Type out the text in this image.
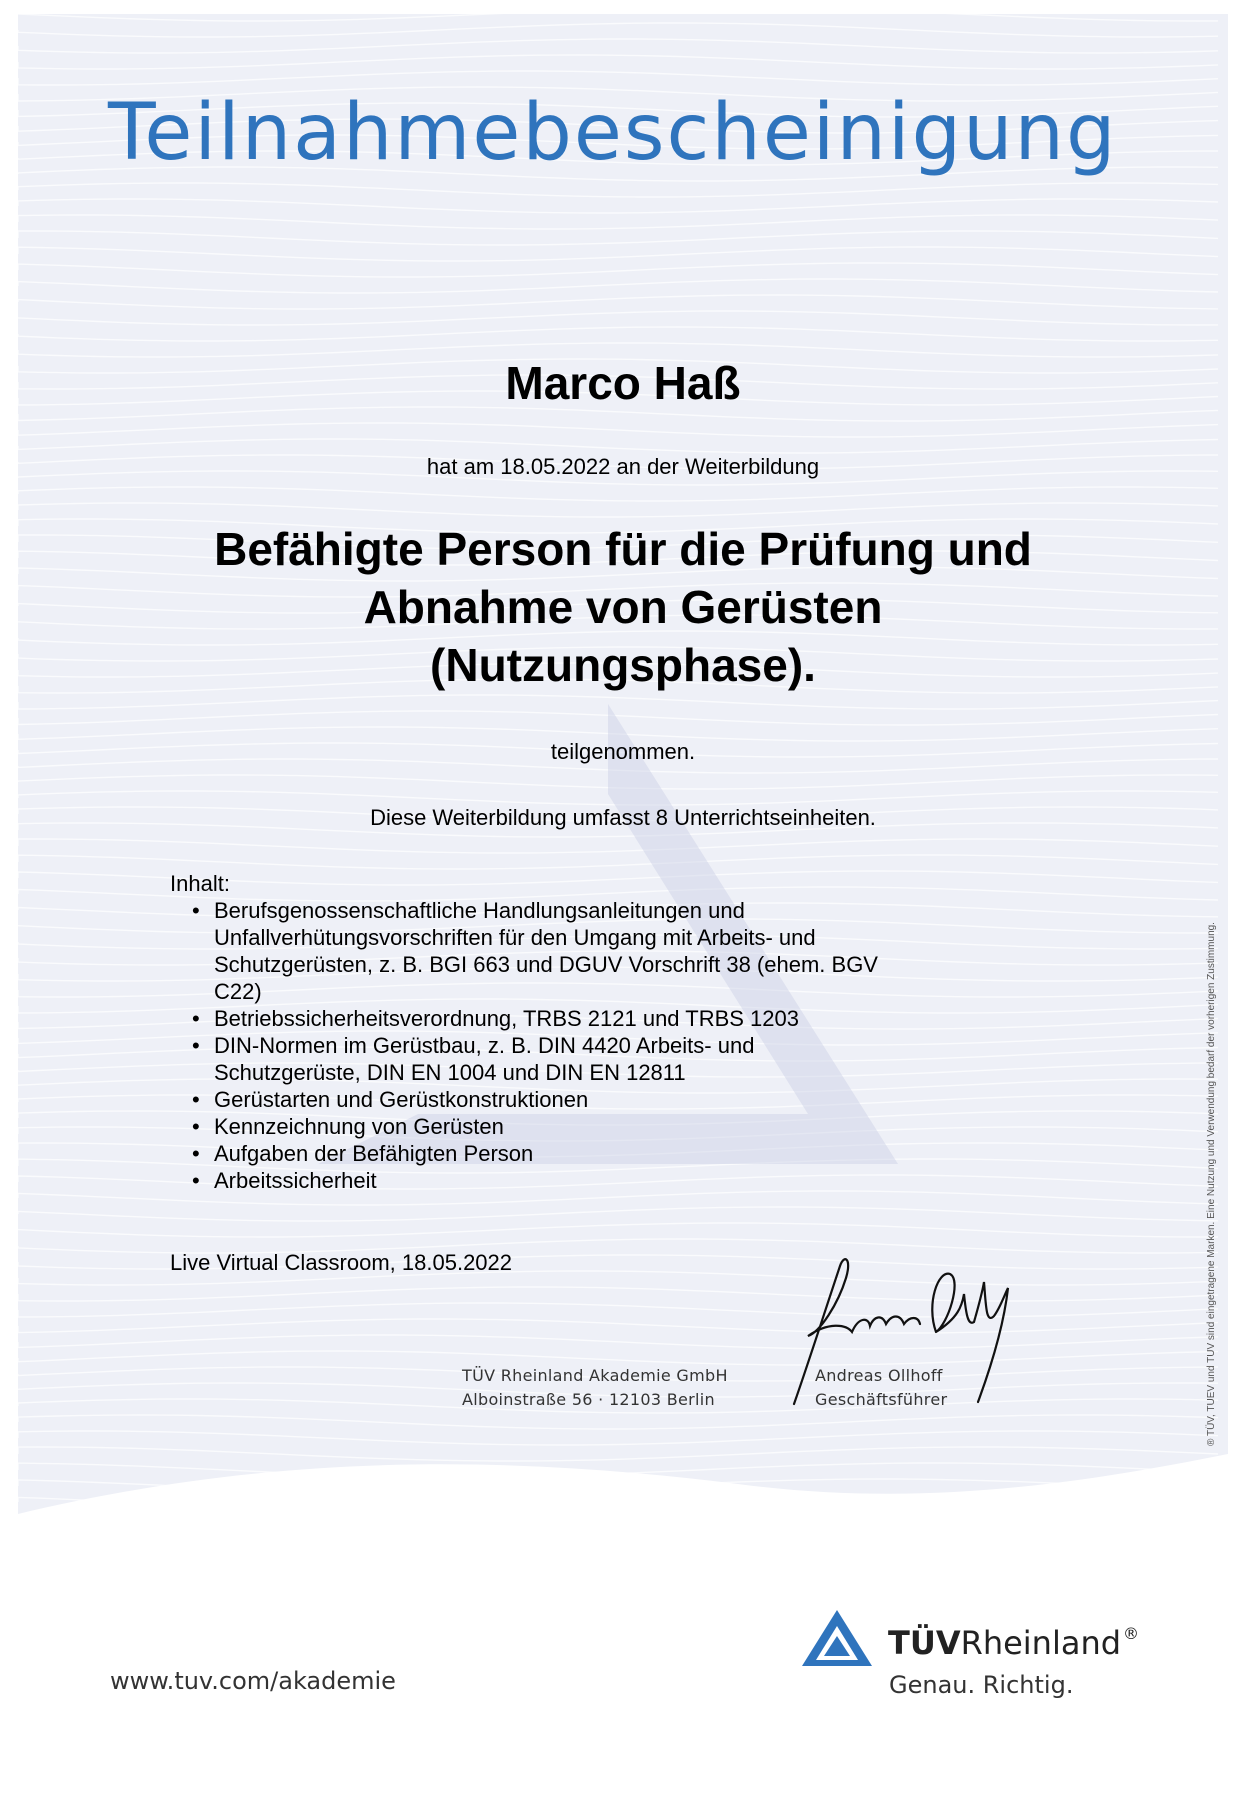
Teilnahmebescheinigung
Marco Haß
hat am 18.05.2022 an der Weiterbildung
Befähigte Person für die Prüfung und
Abnahme von Gerüsten
(Nutzungsphase).
teilgenommen.
Diese Weiterbildung umfasst 8 Unterrichtseinheiten.
Inhalt:
• Berufsgenossenschaftliche Handlungsanleitungen und
Unfallverhütungsvorschriften für den Umgang mit Arbeits- und
Schutzgerüsten, z. B. BGI 663 und DGUV Vorschrift 38 (ehem. BGV
C22)
• Betriebssicherheitsverordnung, TRBS 2121 und TRBS 1203
• DIN-Normen im Gerüstbau, z. B. DIN 4420 Arbeits- und
Schutzgerüste, DIN EN 1004 und DIN EN 12811
• Gerüstarten und Gerüstkonstruktionen
• Kennzeichnung von Gerüsten
• Aufgaben der Befähigten Person
• Arbeitssicherheit
Live Virtual Classroom, 18.05.2022
TÜV Rheinland Akademie GmbH
Alboinstraße 56 · 12103 Berlin
Andreas Ollhoff
Geschäftsführer	® TÜV, TUEV und TUV sind eingetragene Marken. Eine Nutzung und Verwendung bedarf der vorherigen Zustimmung.
www.tuv.com/akademie
TÜVRheinland ®
Genau. Richtig.
